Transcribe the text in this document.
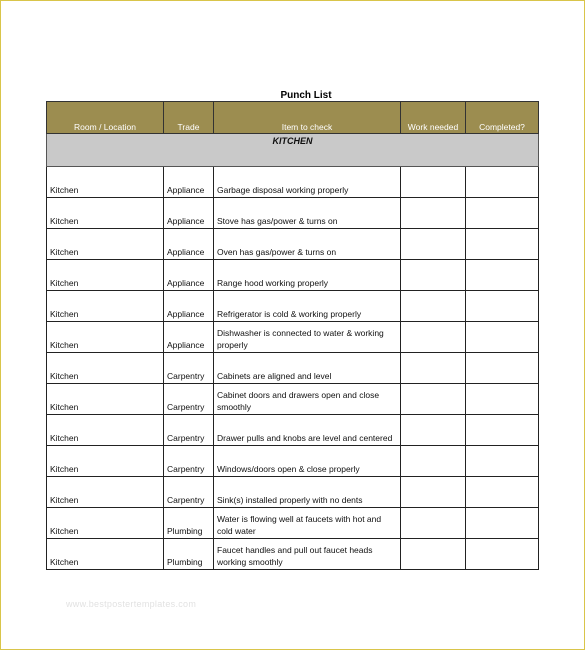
Punch List
Room / Location	Trade	Item to check	Work needed	Completed?
KITCHEN				
Kitchen	Appliance	Garbage disposal working properly		
Kitchen	Appliance	Stove has gas/power & turns on		
Kitchen	Appliance	Oven has gas/power & turns on		
Kitchen	Appliance	Range hood working properly		
Kitchen	Appliance	Refrigerator is cold & working properly		
Kitchen	Appliance	Dishwasher is connected to water & working properly		
Kitchen	Carpentry	Cabinets are aligned and level		
Kitchen	Carpentry	Cabinet doors and drawers open and close smoothly		
Kitchen	Carpentry	Drawer pulls and knobs are level and centered		
Kitchen	Carpentry	Windows/doors open & close properly		
Kitchen	Carpentry	Sink(s) installed properly with no dents		
Kitchen	Plumbing	Water is flowing well at faucets with hot and cold water		
Kitchen	Plumbing	Faucet handles and pull out faucet heads working smoothly		
www.bestpostertemplates.com
